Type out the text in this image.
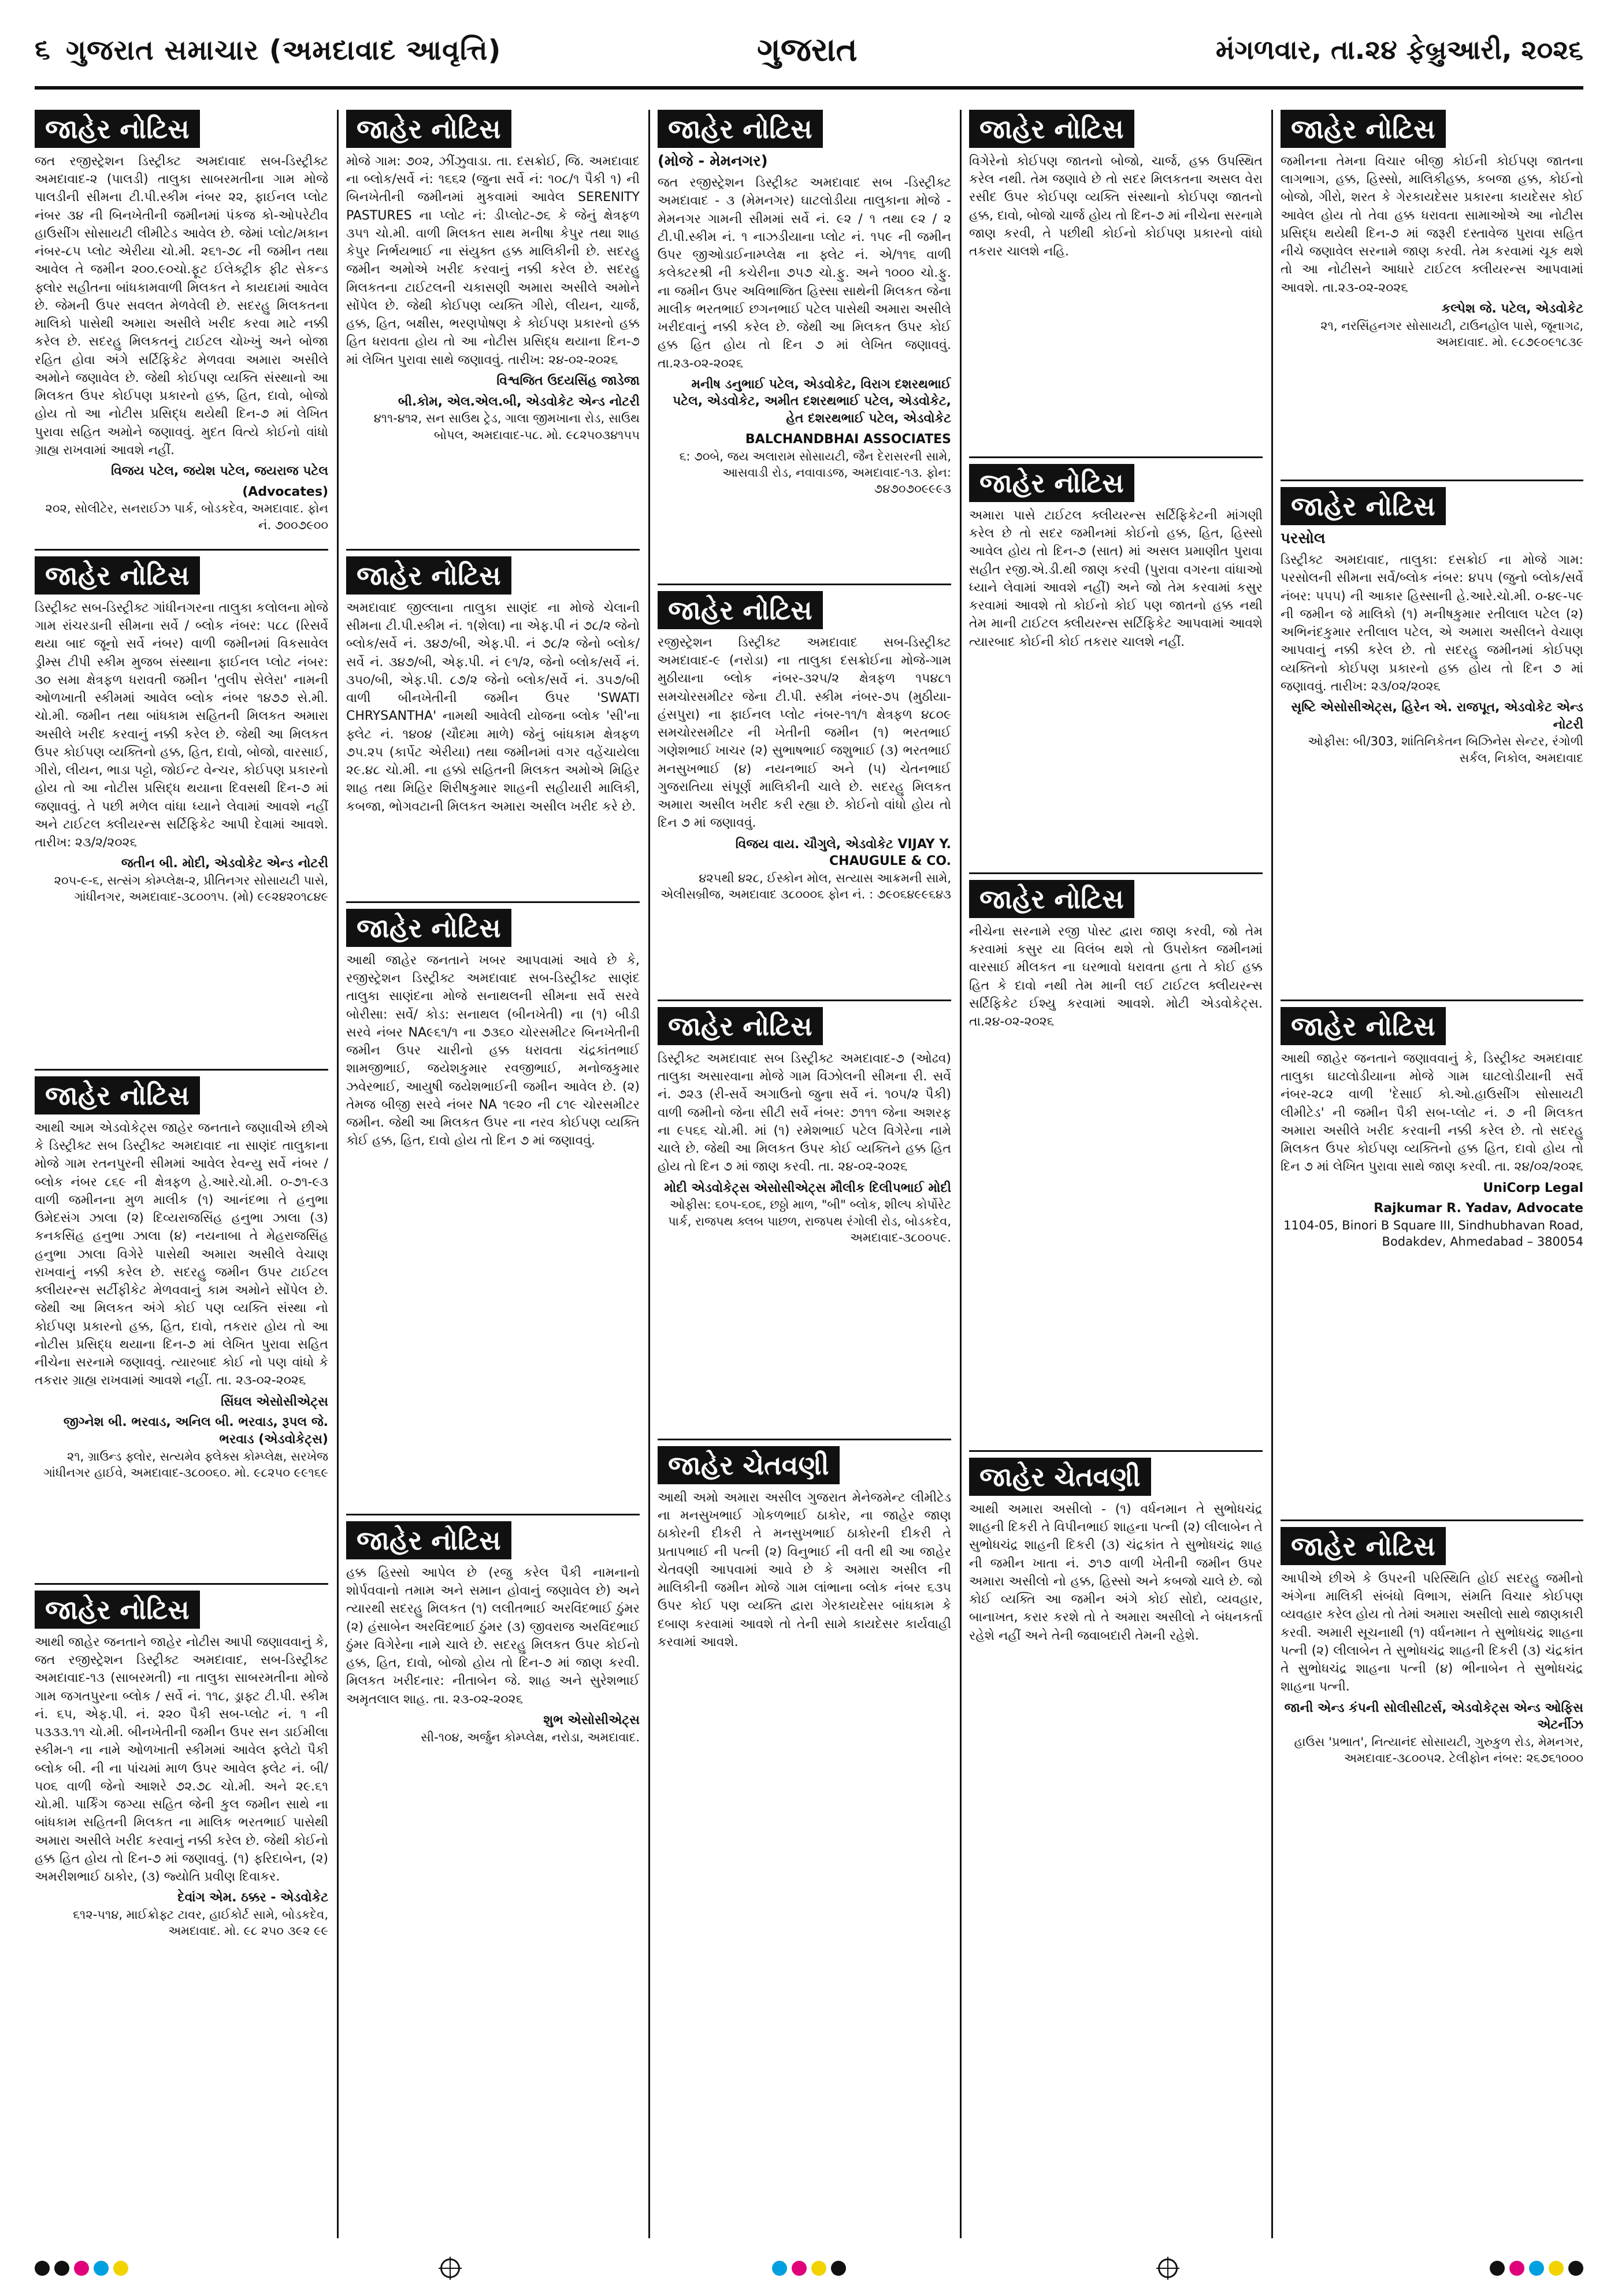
૬ ગુજરાત સમાચાર (અમદાવાદ આવૃત્તિ)	ગુજરાત	મંગળવાર, તા.૨૪ ફેબ્રુઆરી, ૨૦૨૬
જાહેર નોટિસ
જત રજીસ્ટ્રેશન ડિસ્ટ્રીક્ટ અમદાવાદ સબ-ડિસ્ટ્રીક્ટ અમદાવાદ-૨ (પાલડી) તાલુકા સાબરમતીના ગામ મોજે પાલડીની સીમના ટી.પી.સ્કીમ નંબર ૨૨, ફાઈનલ પ્લોટ નંબર ૩૪ ની બિનખેતીની જમીનમાં પંકજ કો-ઓપરેટીવ હાઉસીંગ સોસાયટી લીમીટેડ આવેલ છે. જેમાં પ્લોટ/મકાન નંબર-૮૫ પ્લોટ એરીયા ચો.મી. ૨૬૧-૭૮ ની જમીન તથા આવેલ તે જમીન ૨૦૦.૯૦ચો.ફૂટ ઈલેક્ટ્રીક ફીટ સેકન્ડ ફ્લોર સહીતના બાંધકામવાળી મિલકત ને કાયદામાં આવેલ છે. જેમની ઉપર સવલત મેળવેલી છે. સદરહુ મિલકતના માલિકો પાસેથી અમારા અસીલે ખરીદ કરવા માટે નક્કી કરેલ છે. સદરહુ મિલકતનું ટાઈટલ ચોખ્ખું અને બોજા રહિત હોવા અંગે સર્ટિફિકેટ મેળવવા અમારા અસીલે અમોને જણાવેલ છે. જેથી કોઈપણ વ્યક્તિ સંસ્થાનો આ મિલકત ઉપર કોઈપણ પ્રકારનો હક્ક, હિત, દાવો, બોજો હોય તો આ નોટીસ પ્રસિદ્ધ થયેથી દિન-૭ માં લેખિત પુરાવા સહિત અમોને જણાવવું. મુદત વિત્યે કોઈનો વાંધો ગ્રાહ્ય રાખવામાં આવશે નહીં.
વિજય પટેલ, જયેશ પટેલ, જયરાજ પટેલ
(Advocates)
૨૦૨, સોલીટેર, સનરાઈઝ પાર્ક, બોડકદેવ, અમદાવાદ. ફોન નં. ૭૦૦૭૯૦૦
જાહેર નોટિસ
ડિસ્ટ્રીક્ટ સબ-ડિસ્ટ્રીક્ટ ગાંધીનગરના તાલુકા કલોલના મોજે ગામ રાંચરડાની સીમના સર્વે / બ્લોક નંબર: ૫૮૮ (રિસર્વે થયા બાદ જૂનો સર્વે નંબર) વાળી જમીનમાં વિકસાવેલ ડ્રીમ્સ ટીપી સ્કીમ મુજબ સંસ્થાના ફાઈનલ પ્લોટ નંબર: ૩૦ સમા ક્ષેત્રફળ ધરાવતી જમીન 'તુલીપ સેલેરા' નામની ઓળખાતી સ્કીમમાં આવેલ બ્લોક નંબર ૧૪૭૭ સે.મી. ચો.મી. જમીન તથા બાંધકામ સહિતની મિલકત અમારા અસીલે ખરીદ કરવાનું નક્કી કરેલ છે. જેથી આ મિલકત ઉપર કોઈપણ વ્યક્તિનો હક્ક, હિત, દાવો, બોજો, વારસાઈ, ગીરો, લીયન, ભાડા પટ્ટો, જોઈન્ટ વેન્ચર, કોઈપણ પ્રકારનો હોય તો આ નોટીસ પ્રસિદ્ધ થયાના દિવસથી દિન-૭ માં જણાવવું. તે પછી મળેલ વાંધા ધ્યાને લેવામાં આવશે નહીં અને ટાઈટલ ક્લીયરન્સ સર્ટિફિકેટ આપી દેવામાં આવશે. તારીખ: ૨૩/૨/૨૦૨૬
જતીન બી. મોદી, એડવોકેટ એન્ડ નોટરી
૨૦૫-૯-૬, સત્સંગ કોમ્પ્લેક્ષ-૨, પ્રીતિનગર સોસાયટી પાસે, ગાંધીનગર, અમદાવાદ-૩૮૦૦૧૫. (મો) ૯૯૨૪૨૦૧૮૪૯
જાહેર નોટિસ
આથી આમ એડવોકેટ્સ જાહેર જનતાને જણાવીએ છીએ કે ડિસ્ટ્રીક્ટ સબ ડિસ્ટ્રીક્ટ અમદાવાદ ના સાણંદ તાલુકાના મોજે ગામ રતનપુરની સીમમાં આવેલ રેવન્યુ સર્વે નંબર / બ્લોક નંબર ૮૬૯ ની ક્ષેત્રફળ હે.આરે.ચો.મી. ૦-૭૧-૯૩ વાળી જમીનના મુળ માલીક (૧) આનંદભા તે હનુભા ઉમેદસંગ ઝાલા (૨) દિવ્યરાજસિંહ હનુભા ઝાલા (૩) કનકસિંહ હનુભા ઝાલા (૪) નયનાબા તે મેહરાજસિંહ હનુભા ઝાલા વિગેરે પાસેથી અમારા અસીલે વેચાણ રાખવાનું નક્કી કરેલ છે. સદરહુ જમીન ઉપર ટાઈટલ ક્લીયરન્સ સર્ટીફીકેટ મેળવવાનું કામ અમોને સોંપેલ છે. જેથી આ મિલકત અંગે કોઈ પણ વ્યક્તિ સંસ્થા નો કોઈપણ પ્રકારનો હક્ક, હિત, દાવો, તકરાર હોય તો આ નોટીસ પ્રસિદ્ધ થયાના દિન-૭ માં લેખિત પુરાવા સહિત નીચેના સરનામે જણાવવું. ત્યારબાદ કોઈ નો પણ વાંધો કે તકરાર ગ્રાહ્ય રાખવામાં આવશે નહીં. તા. ૨૩-૦૨-૨૦૨૬
સિંઘલ એસોસીએટ્સ
જીગ્નેશ બી. ભરવાડ, અનિલ બી. ભરવાડ, રૂપલ જે. ભરવાડ (એડવોકેટ્સ)
૨૧, ગ્રાઉન્ડ ફ્લોર, સત્યમેવ ફ્લેક્સ કોમ્પ્લેક્ષ, સરખેજ ગાંધીનગર હાઈવે, અમદાવાદ-૩૮૦૦૬૦. મો. ૯૮૨૫૦ ૯૯૧૬૯
જાહેર નોટિસ
આથી જાહેર જનતાને જાહેર નોટીસ આપી જણાવવાનું કે, જત રજીસ્ટ્રેશન ડિસ્ટ્રીક્ટ અમદાવાદ, સબ-ડિસ્ટ્રીક્ટ અમદાવાદ-૧૩ (સાબરમતી) ના તાલુકા સાબરમતીના મોજે ગામ જગતપુરના બ્લોક / સર્વે નં. ૧૧૮, ડ્રાફ્ટ ટી.પી. સ્કીમ નં. ૬૫, એફ.પી. નં. ૨૨૦ પૈકી સબ-પ્લોટ નં. ૧ ની ૫૩૩૩.૧૧ ચો.મી. બીનખેતીની જમીન ઉપર સન ડાઈમીલા સ્કીમ-૧ ના નામે ઓળખાતી સ્કીમમાં આવેલ ફ્લેટો પૈકી બ્લોક બી. ની ના પાંચમાં માળ ઉપર આવેલ ફ્લેટ નં. બી/૫૦૬ વાળી જેનો આશરે ૭૨.૭૮ ચો.મી. અને ૨૯.૬૧ ચો.મી. પાર્કિંગ જગ્યા સહિત જેની કુલ જમીન સાથે ના બાંધકામ સહિતની મિલકત ના માલિક ભરતભાઈ પાસેથી અમારા અસીલે ખરીદ કરવાનું નક્કી કરેલ છે. જેથી કોઈનો હક્ક હિત હોય તો દિન-૭ માં જણાવવું. (૧) ફરિદાબેન, (૨) અમરીશભાઈ ઠાકોર, (૩) જ્યોતિ પ્રવીણ દિવાકર.
દેવાંગ એમ. ઠક્કર - એડવોકેટ
૬૧૨-૫૧૪, માઈક્રોફ્ટ ટાવર, હાઈકોર્ટ સામે, બોડકદેવ, અમદાવાદ. મો. ૯૮ ૨૫૦ ૩૯૨ ૯૯
જાહેર નોટિસ
મોજે ગામ: ૭૦૨, ઝીંઝુવાડા. તા. દસક્રોઈ, જિ. અમદાવાદ ના બ્લોક/સર્વે નં: ૧૬૬૨ (જુના સર્વે નં: ૧૦૮/૧ પૈકી ૧) ની બિનખેતીની જમીનમાં મુકવામાં આવેલ SERENITY PASTURES ના પ્લોટ નં: ડીપ્લોટ-૭૬ કે જેનું ક્ષેત્રફળ ૩૫૧ ચો.મી. વાળી મિલકત સાથ મનીષા કેપુર તથા શાહ કેપુર નિર્ભયભાઈ ના સંયુક્ત હક્ક માલિકીની છે. સદરહુ જમીન અમોએ ખરીદ કરવાનું નક્કી કરેલ છે. સદરહુ મિલકતના ટાઈટલની ચકાસણી અમારા અસીલે અમોને સોંપેલ છે. જેથી કોઈપણ વ્યક્તિ ગીરો, લીયન, ચાર્જ, હક્ક, હિત, બક્ષીસ, ભરણપોષણ કે કોઈપણ પ્રકારનો હક્ક હિત ધરાવતા હોય તો આ નોટીસ પ્રસિદ્ધ થયાના દિન-૭ માં લેખિત પુરાવા સાથે જણાવવું. તારીખ: ૨૪-૦૨-૨૦૨૬
વિશ્વજિત ઉદયસિંહ જાડેજા
બી.કોમ, એલ.એલ.બી, એડવોકેટ એન્ડ નોટરી
૪૧૧-૪૧૨, સન સાઉથ ટ્રેડ, ગાલા જીમખાના રોડ, સાઉથ બોપલ, અમદાવાદ-૫૮. મો. ૯૮૨૫૦૩૪૧૫૫
જાહેર નોટિસ
અમદાવાદ જીલ્લાના તાલુકા સાણંદ ના મોજે ચેલાની સીમના ટી.પી.સ્કીમ નં. ૧(શેલા) ના એફ.પી નં ૭૮/૨ જેનો બ્લોક/સર્વે નં. ૩૪૭/બી, એફ.પી. નં ૭૮/૨ જેનો બ્લોક/સર્વે નં. ૩૪૭/બી, એફ.પી. નં ૯૧/૨, જેનો બ્લોક/સર્વે નં. ૩૫૦/બી, એફ.પી. ૮૭/૨ જેનો બ્લોક/સર્વે નં. ૩૫૭/બી વાળી બીનખેતીની જમીન ઉપર 'SWATI CHRYSANTHA' નામથી આવેલી યોજના બ્લોક 'સી'ના ફ્લેટ નં. ૧૪૦૪ (ચૌદમા માળે) જેનું બાંધકામ ક્ષેત્રફળ ૭૫.૨૫ (કાર્પેટ એરીયા) તથા જમીનમાં વગર વહેંચાયેલા ૨૯.૪૮ ચો.મી. ના હક્કો સહિતની મિલકત અમોએ મિહિર શાહ તથા મિહિર શિરીષકુમાર શાહની સહીયારી માલિકી, કબજા, ભોગવટાની મિલકત અમારા અસીલ ખરીદ કરે છે.
જાહેર નોટિસ
આથી જાહેર જનતાને ખબર આપવામાં આવે છે કે, રજીસ્ટ્રેશન ડિસ્ટ્રીક્ટ અમદાવાદ સબ-ડિસ્ટ્રીક્ટ સાણંદ તાલુકા સાણંદના મોજે સનાથલની સીમના સર્વે સરવે બોરીસા: સર્વે/ કોડ: સનાથલ (બીનખેતી) ના (૧) બીડી સરવે નંબર NA૯૬૧/૧ ના ૭૩૬૦ ચોરસમીટર બિનખેતીની જમીન ઉપર ચારીનો હક્ક ધરાવતા ચંદ્રકાંતભાઈ શામજીભાઈ, જયેશકુમાર રવજીભાઈ, મનોજકુમાર ઝવેરભાઈ, આયુષી જયેશભાઈની જમીન આવેલ છે. (૨) તેમજ બીજી સરવે નંબર NA ૧૯૨૦ ની ૮૧૯ ચોરસમીટર જમીન. જેથી આ મિલકત ઉપર ના નરવ કોઈપણ વ્યક્તિ કોઈ હક્ક, હિત, દાવો હોય તો દિન ૭ માં જણાવવું.
જાહેર નોટિસ
હક્ક હિસ્સો આપેલ છે (રજુ કરેલ પૈકી નામનાનો શોર્પવવાનો તમામ અને સમાન હોવાનું જણાવેલ છે) અને ત્યારથી સદરહુ મિલકત (૧) લલીતભાઈ અરવિંદભાઈ ઠુંમર (૨) હંસાબેન અરવિંદભાઈ ઠુંમર (૩) જીવરાજ અરવિંદભાઈ ઠુંમર વિગેરેના નામે ચાલે છે. સદરહુ મિલકત ઉપર કોઈનો હક્ક, હિત, દાવો, બોજો હોય તો દિન-૭ માં જાણ કરવી. મિલકત ખરીદનાર: નીતાબેન જે. શાહ અને સુરેશભાઈ અમૃતલાલ શાહ. તા. ૨૩-૦૨-૨૦૨૬
શુભ એસોસીએટ્સ
સી-૧૦૪, અર્જુન કોમ્પ્લેક્ષ, નરોડા, અમદાવાદ.
જાહેર નોટિસ
(મોજે - મેમનગર)
જત રજીસ્ટ્રેશન ડિસ્ટ્રીક્ટ અમદાવાદ સબ -ડિસ્ટ્રીક્ટ અમદાવાદ - ૩ (મેમનગર) ઘાટલોડીયા તાલુકાના મોજે - મેમનગર ગામની સીમમાં સર્વે નં. ૯૨ / ૧ તથા ૯૨ / ૨ ટી.પી.સ્કીમ નં. ૧ નાઝડીયાના પ્લોટ નં. ૧૫૯ ની જમીન ઉપર જીઓડાઈનામ્પ્લેક્ષ ના ફ્લેટ નં. એ/૧૧૬ વાળી કલેક્ટરશ્રી ની કચેરીના ૭૫૭ ચો.ફુ. અને ૧૦૦૦ ચો.ફુ. ના જમીન ઉપર અવિભાજિત હિસ્સા સાથેની મિલકત જેના માલીક ભરતભાઈ છગનભાઈ પટેલ પાસેથી અમારા અસીલે ખરીદવાનું નક્કી કરેલ છે. જેથી આ મિલકત ઉપર કોઈ હક્ક હિત હોય તો દિન ૭ માં લેખિત જણાવવું. તા.૨૩-૦૨-૨૦૨૬
મનીષ ડનુભાઈ પટેલ, એડવોકેટ, વિરાગ દશરથભાઈ પટેલ, એડવોકેટ, અમીત દશરથભાઈ પટેલ, એડવોકેટ, હેત દશરથભાઈ પટેલ, એડવોકેટ
BALCHANDBHAI ASSOCIATES
૬: ૭૦બે, જય અલારામ સોસાયટી, જૈન દેરાસરની સામે, આસવાડી રોડ, નવાવાડજ, અમદાવાદ-૧૩. ફોન: ૭૪૭૦૭૦૯૯૯૩
જાહેર નોટિસ
રજીસ્ટ્રેશન ડિસ્ટ્રીક્ટ અમદાવાદ સબ-ડિસ્ટ્રીક્ટ અમદાવાદ-૯ (નરોડા) ના તાલુકા દસક્રોઈના મોજે-ગામ મુઠીયાના બ્લોક નંબર-૩૨૫/૨ ક્ષેત્રફળ ૧૫૪૮૧ સમચોરસમીટર જેના ટી.પી. સ્કીમ નંબર-૭૫ (મુઠીયા-હંસપુરા) ના ફાઈનલ પ્લોટ નંબર-૧૧/૧ ક્ષેત્રફળ ૪૮૦૯ સમચોરસમીટર ની ખેતીની જમીન (૧) ભરતભાઈ ગણેશભાઈ ખાચર (૨) સુભાષભાઈ જશુભાઈ (૩) ભરતભાઈ મનસુખભાઈ (૪) નયનભાઈ અને (૫) ચેતનભાઈ ગુજરાતિયા સંપૂર્ણ માલિકીની ચાલે છે. સદરહુ મિલકત અમારા અસીલ ખરીદ કરી રહ્યા છે. કોઈનો વાંધો હોય તો દિન ૭ માં જણાવવું.
વિજય વાય. ચૌગુલે, એડવોકેટ VIJAY Y. CHAUGULE & CO.
૪૨૫થી ૪૨૮, ઈસ્કોન મોલ, સત્યાસ આક્રમની સામે, એલીસબ્રીજ, અમદાવાદ ૩૮૦૦૦૬ ફોન નં. : ૭૯૦૬૪૯૯૬૪૩
જાહેર નોટિસ
ડિસ્ટ્રીક્ટ અમદાવાદ સબ ડિસ્ટ્રીક્ટ અમદાવાદ-૭ (ઓઢવ) તાલુકા અસારવાના મોજે ગામ વિંઝોલની સીમના રી. સર્વે નં. ૭૨૩ (રી-સર્વે અગાઉનો જુના સર્વે નં. ૧૦૫/૨ પૈકી) વાળી જમીનો જેના સીટી સર્વે નંબર: ૭૧૧૧ જેના અશરફ ના ૯૫૬૬ ચો.મી. માં (૧) રમેશભાઈ પટેલ વિગેરેના નામે ચાલે છે. જેથી આ મિલકત ઉપર કોઈ વ્યક્તિને હક્ક હિત હોય તો દિન ૭ માં જાણ કરવી. તા. ૨૪-૦૨-૨૦૨૬
મોદી એડવોકેટ્સ એસોસીએટ્સ મૌલીક દિલીપભાઈ મોદી
ઓફીસ: ૬૦૫-૬૦૬, છઠ્ઠો માળ, "બી" બ્લોક, શીલ્પ કોર્પોરેટ પાર્ક, રાજપથ ક્લબ પાછળ, રાજપથ રંગોલી રોડ, બોડકદેવ, અમદાવાદ-૩૮૦૦૫૯.
જાહેર ચેતવણી
આથી અમો અમારા અસીલ ગુજરાત મેનેજમેન્ટ લીમીટેડ ના મનસુખભાઈ ગોકળભાઈ ઠાકોર, ના જાહેર જાણ ઠાકોરની દીકરી તે મનસુખભાઈ ઠાકોરની દીકરી તે પ્રતાપભાઈ ની પત્ની (૨) વિનુભાઈ ની વતી થી આ જાહેર ચેતવણી આપવામાં આવે છે કે અમારા અસીલ ની માલિકીની જમીન મોજે ગામ લાંભાના બ્લોક નંબર ૬૩૫ ઉપર કોઈ પણ વ્યક્તિ દ્વારા ગેરકાયદેસર બાંધકામ કે દબાણ કરવામાં આવશે તો તેની સામે કાયદેસર કાર્યવાહી કરવામાં આવશે.
જાહેર નોટિસ
વિગેરેનો કોઈપણ જાતનો બોજો, ચાર્જ, હક્ક ઉપસ્થિત કરેલ નથી. તેમ જણાવે છે તો સદર મિલકતના અસલ વેરા રસીદ ઉપર કોઈપણ વ્યક્તિ સંસ્થાનો કોઈપણ જાતનો હક્ક, દાવો, બોજો ચાર્જ હોય તો દિન-૭ માં નીચેના સરનામે જાણ કરવી, તે પછીથી કોઈનો કોઈપણ પ્રકારનો વાંધો તકરાર ચાલશે નહિ.
જાહેર નોટિસ
અમારા પાસે ટાઈટલ ક્લીયરન્સ સર્ટિફિકેટની માંગણી કરેલ છે તો સદર જમીનમાં કોઈનો હક્ક, હિત, હિસ્સો આવેલ હોય તો દિન-૭ (સાત) માં અસલ પ્રમાણીત પુરાવા સહીત રજી.એ.ડી.થી જાણ કરવી (પુરાવા વગરના વાંધાઓ ધ્યાને લેવામાં આવશે નહીં) અને જો તેમ કરવામાં કસુર કરવામાં આવશે તો કોઈનો કોઈ પણ જાતનો હક્ક નથી તેમ માની ટાઈટલ ક્લીયરન્સ સર્ટિફિકેટ આપવામાં આવશે ત્યારબાદ કોઈની કોઈ તકરાર ચાલશે નહીં.
જાહેર નોટિસ
નીચેના સરનામે રજી પોસ્ટ દ્વારા જાણ કરવી, જો તેમ કરવામાં કસુર યા વિલંબ થશે તો ઉપરોક્ત જમીનમાં વારસાઈ મીલકત ના ઘરભાવો ધરાવતા હતા તે કોઈ હક્ક હિત કે દાવો નથી તેમ માની લઈ ટાઈટલ ક્લીયરન્સ સર્ટિફિકેટ ઈશ્યુ કરવામાં આવશે. મોટી એડવોકેટ્સ. તા.૨૪-૦૨-૨૦૨૬
જાહેર ચેતવણી
આથી અમારા અસીલો - (૧) વર્ધનમાન તે સુભોધચંદ્ર શાહની દિકરી તે વિપીનભાઈ શાહના પત્ની (૨) લીલાબેન તે સુભોધચંદ્ર શાહની દિકરી (૩) ચંદ્રકાંત તે સુભોધચંદ્ર શાહ ની જમીન ખાતા નં. ૭૧૭ વાળી ખેતીની જમીન ઉપર અમારા અસીલો નો હક્ક, હિસ્સો અને કબજો ચાલે છે. જો કોઈ વ્યક્તિ આ જમીન અંગે કોઈ સોદો, વ્યવહાર, બાનાખત, કરાર કરશે તો તે અમારા અસીલો ને બંધનકર્તા રહેશે નહીં અને તેની જવાબદારી તેમની રહેશે.
જાહેર નોટિસ
જમીનના તેમના વિચાર બીજી કોઈની કોઈપણ જાતના લાગભાગ, હક્ક, હિસ્સો, માલિકીહક્ક, કબજા હક્ક, કોઈનો બોજો, ગીરો, શરત કે ગેરકાયદેસર પ્રકારના કાયદેસર કોઈ આવેલ હોય તો તેવા હક્ક ધરાવતા સામાઓએ આ નોટીસ પ્રસિદ્ધ થયેથી દિન-૭ માં જરૂરી દસ્તાવેજ પુરાવા સહિત નીચે જણાવેલ સરનામે જાણ કરવી. તેમ કરવામાં ચૂક થશે તો આ નોટીસને આધારે ટાઈટલ ક્લીયરન્સ આપવામાં આવશે. તા.૨૩-૦૨-૨૦૨૬
કલ્પેશ જે. પટેલ, એડવોકેટ
૨૧, નરસિંહનગર સોસાયટી, ટાઉનહોલ પાસે, જૂનાગઢ, અમદાવાદ. મો. ૯૮૭૯૦૯૧૮૩૯
જાહેર નોટિસ
પરસોલ
ડિસ્ટ્રીક્ટ અમદાવાદ, તાલુકા: દસક્રોઈ ના મોજે ગામ: પરસોલની સીમના સર્વે/બ્લોક નંબર: ૪૫૫ (જુનો બ્લોક/સર્વે નંબર: ૫૫૫) ની આકાર હિસ્સાની હે.આરે.ચો.મી. ૦-૪૯-૫૯ ની જમીન જે માલિકો (૧) મનીષકુમાર રતીલાલ પટેલ (૨) અભિનંદકુમાર રતીલાલ પટેલ, એ અમારા અસીલને વેચાણ આપવાનું નક્કી કરેલ છે. તો સદરહુ જમીનમાં કોઈપણ વ્યક્તિનો કોઈપણ પ્રકારનો હક્ક હોય તો દિન ૭ માં જણાવવું. તારીખ: ૨૩/૦૨/૨૦૨૬
સૃષ્ટિ એસોસીએટ્સ, હિરેન એ. રાજપૂત, એડવોકેટ એન્ડ નોટરી
ઓફીસ: બી/303, શાંતિનિકેતન બિઝિનેસ સેન્ટર, રંગોળી સર્કલ, નિકોલ, અમદાવાદ
જાહેર નોટિસ
આથી જાહેર જનતાને જણાવવાનું કે, ડિસ્ટ્રીક્ટ અમદાવાદ તાલુકા ઘાટલોડીયાના મોજે ગામ ઘાટલોડીયાની સર્વે નંબર-૨૮૨ વાળી 'દેસાઈ કો.ઓ.હાઉસીંગ સોસાયટી લીમીટેડ' ની જમીન પૈકી સબ-પ્લોટ નં. ૭ ની મિલકત અમારા અસીલે ખરીદ કરવાની નક્કી કરેલ છે. તો સદરહુ મિલકત ઉપર કોઈપણ વ્યક્તિનો હક્ક હિત, દાવો હોય તો દિન ૭ માં લેખિત પુરાવા સાથે જાણ કરવી. તા. ૨૪/૦૨/૨૦૨૬
UniCorp Legal
Rajkumar R. Yadav, Advocate
1104-05, Binori B Square III, Sindhubhavan Road, Bodakdev, Ahmedabad – 380054
જાહેર નોટિસ
આપીએ છીએ કે ઉપરની પરિસ્થિતિ હોઈ સદરહુ જમીનો અંગેના માલિકી સંબંધો વિભાગ, સંમતિ વિચાર કોઈપણ વ્યવહાર કરેલ હોય તો તેમાં અમારા અસીલો સાથે જાણકારી કરવી. અમારી સૂચનાથી (૧) વર્ધનમાન તે સુભોધચંદ્ર શાહના પત્ની (૨) લીલાબેન તે સુભોધચંદ્ર શાહની દિકરી (૩) ચંદ્રકાંત તે સુભોધચંદ્ર શાહના પત્ની (૪) ભીનાબેન તે સુભોધચંદ્ર શાહના પત્ની.
જાની એન્ડ કંપની સોલીસીટર્સ, એડવોકેટ્સ એન્ડ ઓફિસ એટર્નીઝ
હાઉસ 'પ્રભાત', નિત્યાનંદ સોસાયટી, ગુરુકુળ રોડ, મેમનગર, અમદાવાદ-૩૮૦૦૫૨. ટેલીફોન નંબર: ૨૬૭૬૧૦૦૦
